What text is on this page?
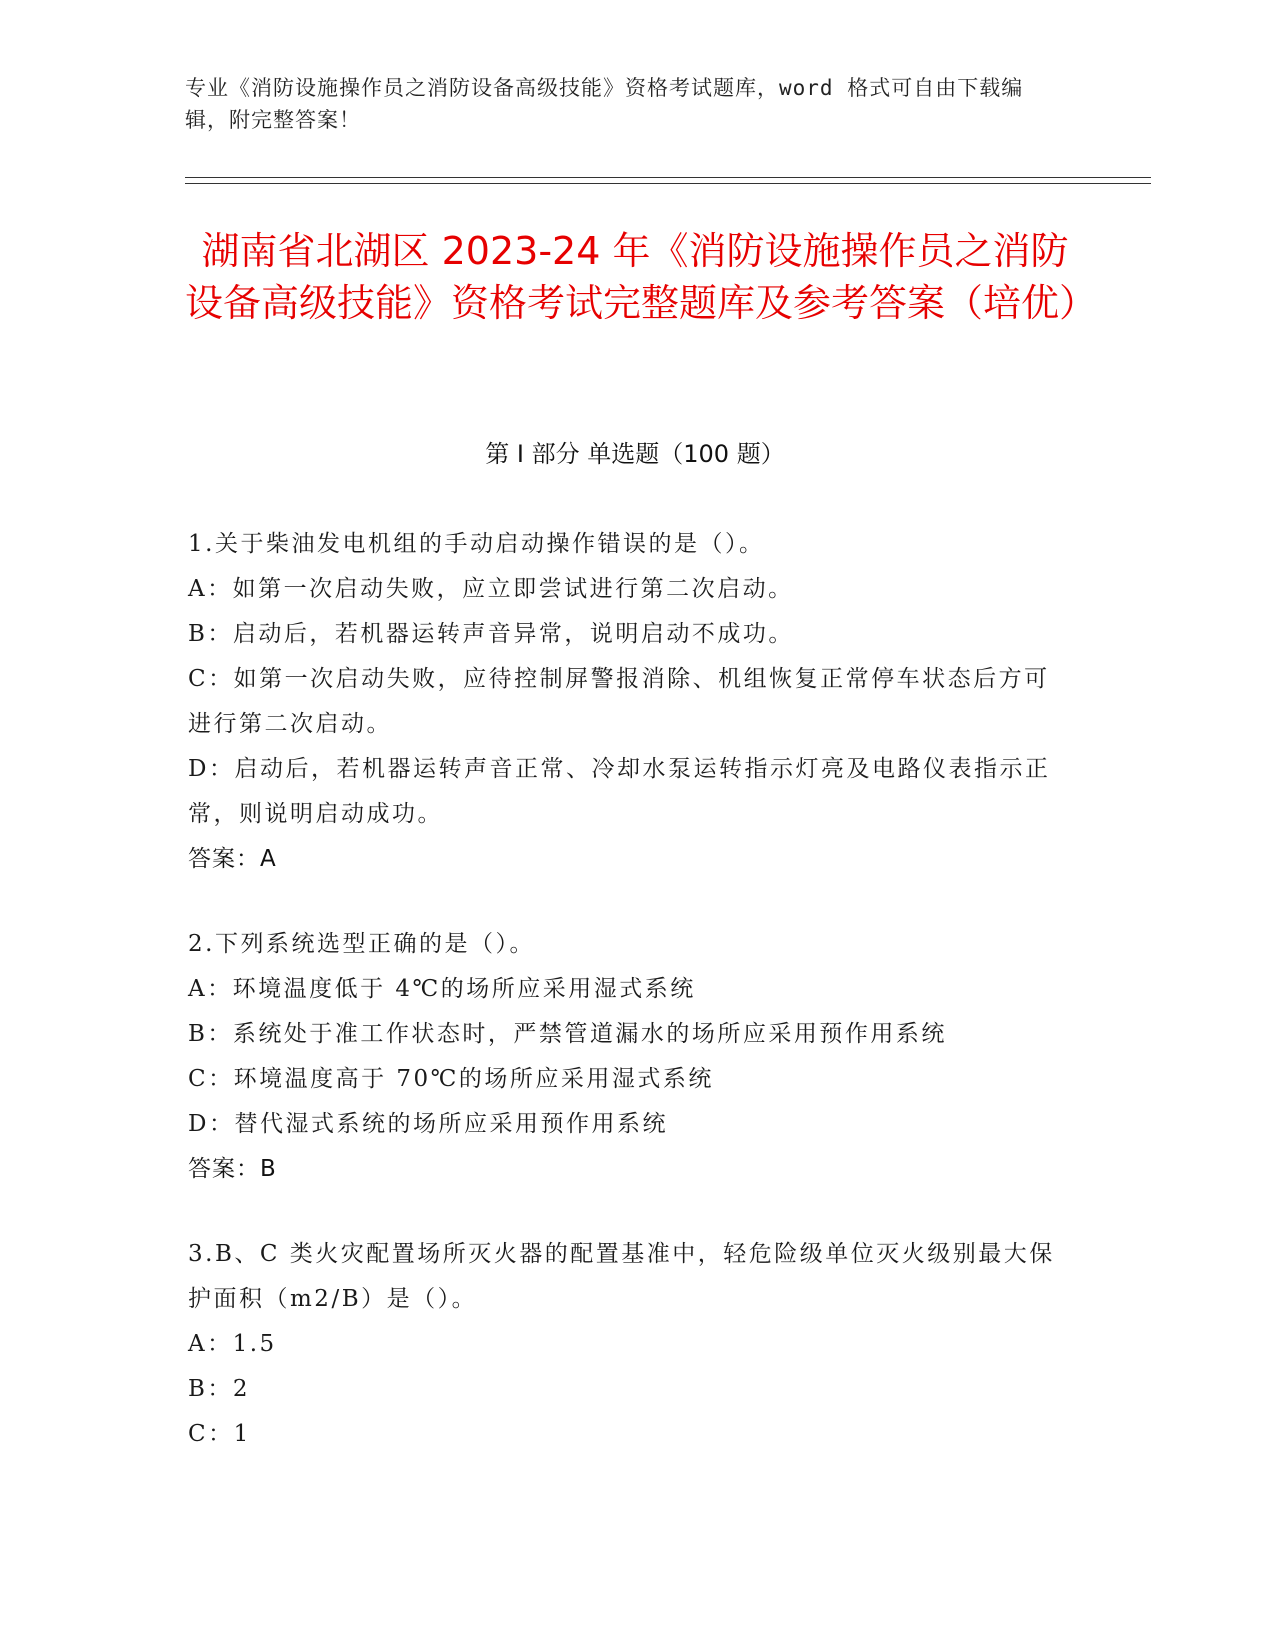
专业《消防设施操作员之消防设备高级技能》资格考试题库，word 格式可自由下载编辑，附完整答案！
湖南省北湖区 2023-24 年《消防设施操作员之消防设备高级技能》资格考试完整题库及参考答案（培优）
第 I 部分 单选题（100 题）

1.关于柴油发电机组的手动启动操作错误的是（）。

A：如第一次启动失败，应立即尝试进行第二次启动。

B：启动后，若机器运转声音异常，说明启动不成功。

C：如第一次启动失败，应待控制屏警报消除、机组恢复正常停车状态后方可进行第二次启动。

D：启动后，若机器运转声音正常、冷却水泵运转指示灯亮及电路仪表指示正常，则说明启动成功。

答案：A

2.下列系统选型正确的是（）。

A：环境温度低于 4℃的场所应采用湿式系统

B：系统处于准工作状态时，严禁管道漏水的场所应采用预作用系统

C：环境温度高于 70℃的场所应采用湿式系统

D：替代湿式系统的场所应采用预作用系统

答案：B

3.B、C 类火灾配置场所灭火器的配置基准中，轻危险级单位灭火级别最大保护面积（m2/B）是（）。

A：1.5

B：2

C：1
